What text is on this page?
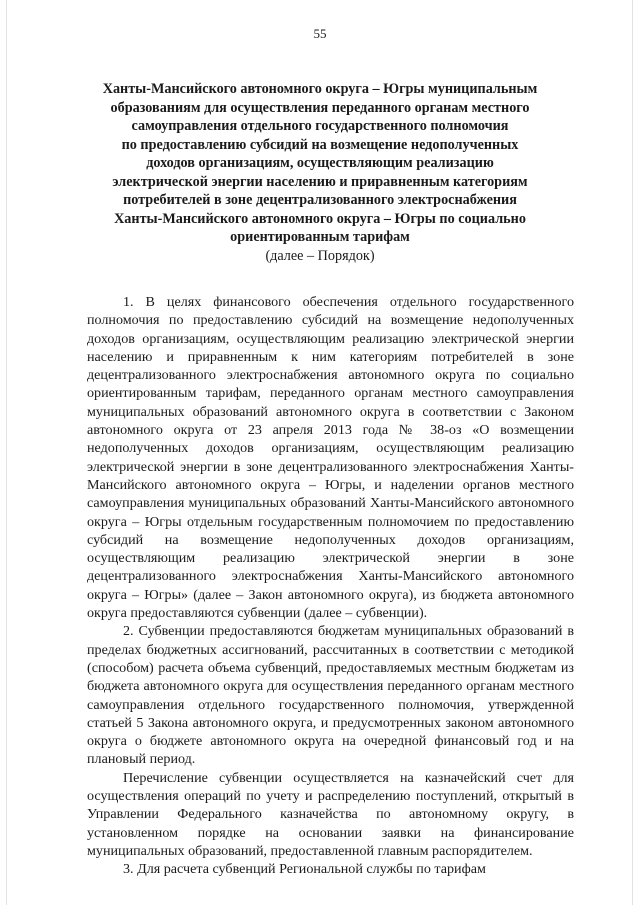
55
Ханты-Мансийского автономного округа – Югры муниципальным
образованиям для осуществления переданного органам местного
самоуправления отдельного государственного полномочия
по предоставлению субсидий на возмещение недополученных
доходов организациям, осуществляющим реализацию
электрической энергии населению и приравненным категориям
потребителей в зоне децентрализованного электроснабжения
Ханты-Мансийского автономного округа – Югры по социально
ориентированным тарифам
(далее – Порядок)

1. В целях финансового обеспечения отдельного государственного полномочия по предоставлению субсидий на возмещение недополученных доходов организациям, осуществляющим реализацию электрической энергии населению и приравненным к ним категориям потребителей в зоне децентрализованного электроснабжения автономного округа по социально ориентированным тарифам, переданного органам местного самоуправления муниципальных образований автономного округа в соответствии с Законом автономного округа от 23 апреля 2013 года № 38-оз «О возмещении недополученных доходов организациям, осуществляющим реализацию электрической энергии в зоне децентрализованного электроснабжения Ханты-Мансийского автономного округа – Югры, и наделении органов местного самоуправления муниципальных образований Ханты-Мансийского автономного округа – Югры отдельным государственным полномочием по предоставлению субсидий на возмещение недополученных доходов организациям, осуществляющим реализацию электрической энергии в зоне децентрализованного электроснабжения Ханты-Мансийского автономного округа – Югры» (далее – Закон автономного округа), из бюджета автономного округа предоставляются субвенции (далее – субвенции).

2. Субвенции предоставляются бюджетам муниципальных образований в пределах бюджетных ассигнований, рассчитанных в соответствии с методикой (способом) расчета объема субвенций, предоставляемых местным бюджетам из бюджета автономного округа для осуществления переданного органам местного самоуправления отдельного государственного полномочия, утвержденной статьей 5 Закона автономного округа, и предусмотренных законом автономного округа о бюджете автономного округа на очередной финансовый год и на плановый период.

Перечисление субвенции осуществляется на казначейский счет для осуществления операций по учету и распределению поступлений, открытый в Управлении Федерального казначейства по автономному округу, в установленном порядке на основании заявки на финансирование муниципальных образований, предоставленной главным распорядителем.

3. Для расчета субвенций Региональной службы по тарифам
